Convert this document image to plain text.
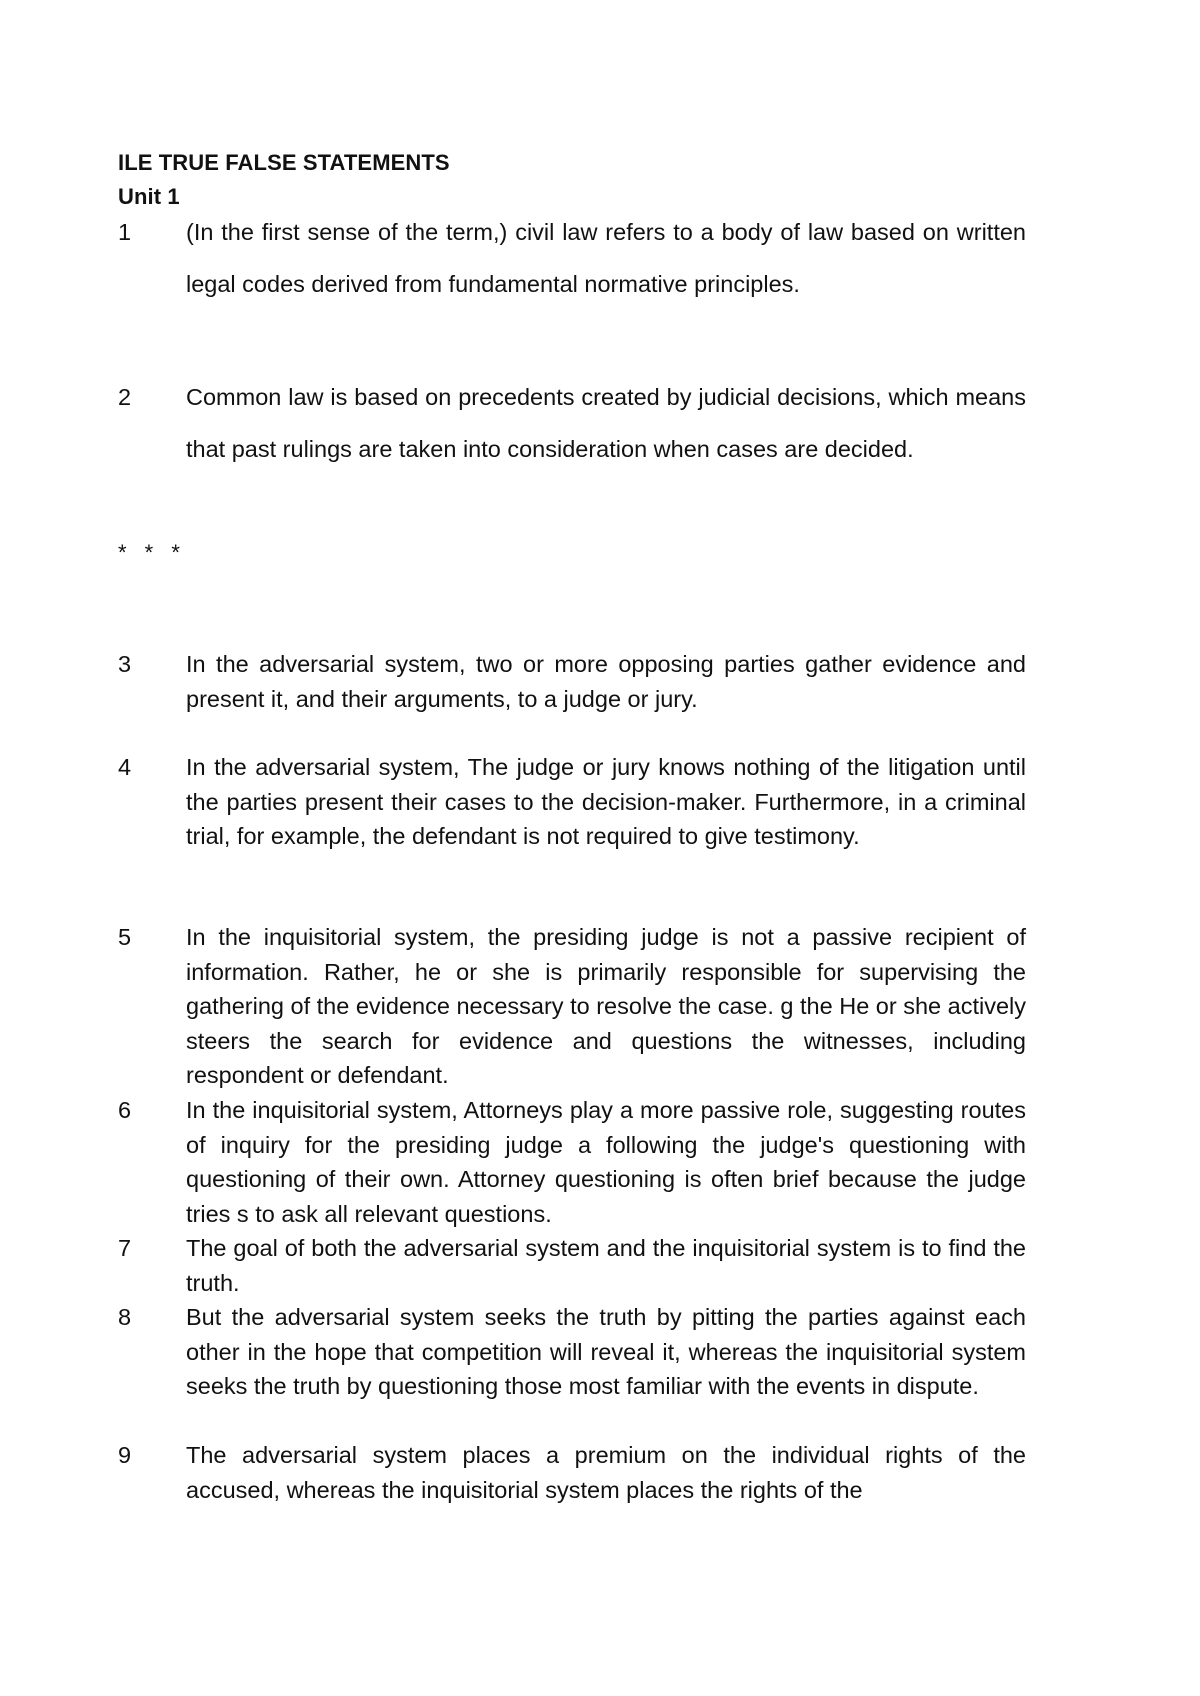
ILE TRUE FALSE STATEMENTS
Unit 1
1	(In the first sense of the term,) civil law refers to a body of law based on written legal codes derived from fundamental normative principles.
2	Common law is based on precedents created by judicial decisions, which means that past rulings are taken into consideration when cases are decided.
* * *
3	In the adversarial system, two or more opposing parties gather evidence and present it, and their arguments, to a judge or jury.
4	In the adversarial system, The judge or jury knows nothing of the litigation until the parties present their cases to the decision-maker. Furthermore, in a criminal trial, for example, the defendant is not required to give testimony.
5	In the inquisitorial system, the presiding judge is not a passive recipient of information. Rather, he or she is primarily responsible for supervising the gathering of the evidence necessary to resolve the case. g the He or she actively steers the search for evidence and questions the witnesses, including respondent or defendant.
6	In the inquisitorial system, Attorneys play a more passive role, suggesting routes of inquiry for the presiding judge a following the judge's questioning with questioning of their own. Attorney questioning is often brief because the judge tries s to ask all relevant questions.
7	The goal of both the adversarial system and the inquisitorial system is to find the truth.
8	But the adversarial system seeks the truth by pitting the parties against each other in the hope that competition will reveal it, whereas the inquisitorial system seeks the truth by questioning those most familiar with the events in dispute.
9	The adversarial system places a premium on the individual rights of the accused, whereas the inquisitorial system places the rights of the
